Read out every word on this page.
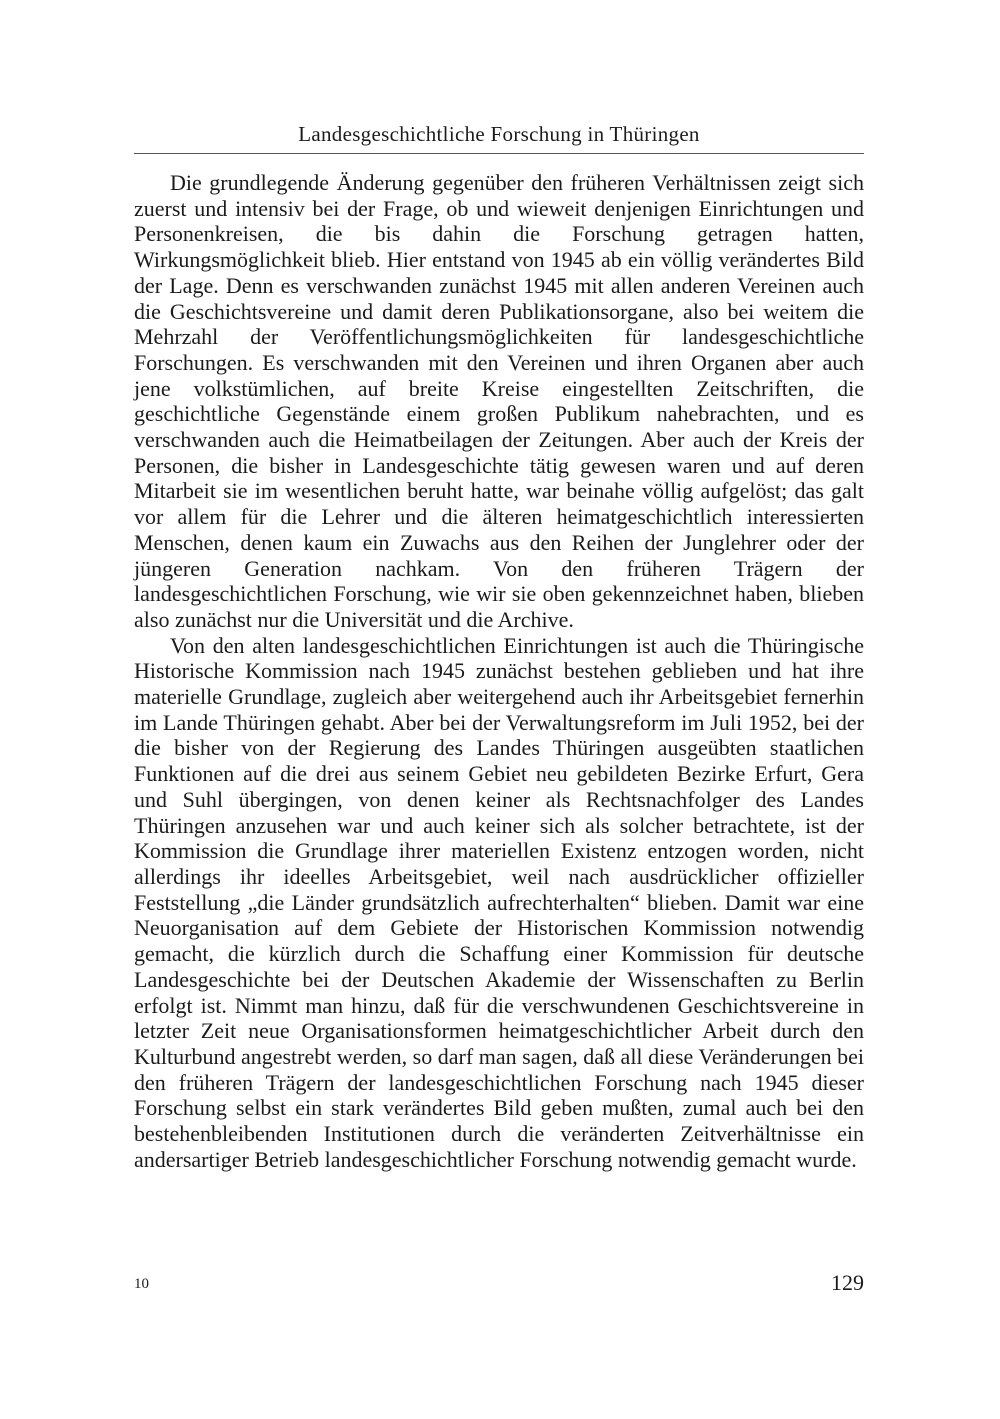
Landesgeschichtliche Forschung in Thüringen

Die grundlegende Änderung gegenüber den früheren Verhältnissen zeigt sich zuerst und intensiv bei der Frage, ob und wieweit denjenigen Einrichtungen und Personenkreisen, die bis dahin die Forschung getragen hatten, Wirkungsmöglichkeit blieb. Hier entstand von 1945 ab ein völlig verändertes Bild der Lage. Denn es verschwanden zunächst 1945 mit allen anderen Vereinen auch die Geschichtsvereine und damit deren Publikationsorgane, also bei weitem die Mehrzahl der Veröffentlichungsmöglichkeiten für landesgeschichtliche Forschungen. Es verschwanden mit den Vereinen und ihren Organen aber auch jene volkstümlichen, auf breite Kreise eingestellten Zeitschriften, die geschichtliche Gegenstände einem großen Publikum nahebrachten, und es verschwanden auch die Heimatbeilagen der Zeitungen. Aber auch der Kreis der Personen, die bisher in Landesgeschichte tätig gewesen waren und auf deren Mitarbeit sie im wesentlichen beruht hatte, war beinahe völlig aufgelöst; das galt vor allem für die Lehrer und die älteren heimatgeschichtlich interessierten Menschen, denen kaum ein Zuwachs aus den Reihen der Junglehrer oder der jüngeren Generation nachkam. Von den früheren Trägern der landesgeschichtlichen Forschung, wie wir sie oben gekennzeichnet haben, blieben also zunächst nur die Universität und die Archive.

Von den alten landesgeschichtlichen Einrichtungen ist auch die Thüringische Historische Kommission nach 1945 zunächst bestehen geblieben und hat ihre materielle Grundlage, zugleich aber weitergehend auch ihr Arbeitsgebiet fernerhin im Lande Thüringen gehabt. Aber bei der Verwaltungsreform im Juli 1952, bei der die bisher von der Regierung des Landes Thüringen ausgeübten staatlichen Funktionen auf die drei aus seinem Gebiet neu gebildeten Bezirke Erfurt, Gera und Suhl übergingen, von denen keiner als Rechtsnachfolger des Landes Thüringen anzusehen war und auch keiner sich als solcher betrachtete, ist der Kommission die Grundlage ihrer materiellen Existenz entzogen worden, nicht allerdings ihr ideelles Arbeitsgebiet, weil nach ausdrücklicher offizieller Feststellung „die Länder grundsätzlich aufrechterhalten“ blieben. Damit war eine Neuorganisation auf dem Gebiete der Historischen Kommission notwendig gemacht, die kürzlich durch die Schaffung einer Kommission für deutsche Landesgeschichte bei der Deutschen Akademie der Wissenschaften zu Berlin erfolgt ist. Nimmt man hinzu, daß für die verschwundenen Geschichtsvereine in letzter Zeit neue Organisationsformen heimatgeschichtlicher Arbeit durch den Kulturbund angestrebt werden, so darf man sagen, daß all diese Veränderungen bei den früheren Trägern der landesgeschichtlichen Forschung nach 1945 dieser Forschung selbst ein stark verändertes Bild geben mußten, zumal auch bei den bestehenbleibenden Institutionen durch die veränderten Zeitverhältnisse ein andersartiger Betrieb landesgeschichtlicher Forschung notwendig gemacht wurde.

10	129
